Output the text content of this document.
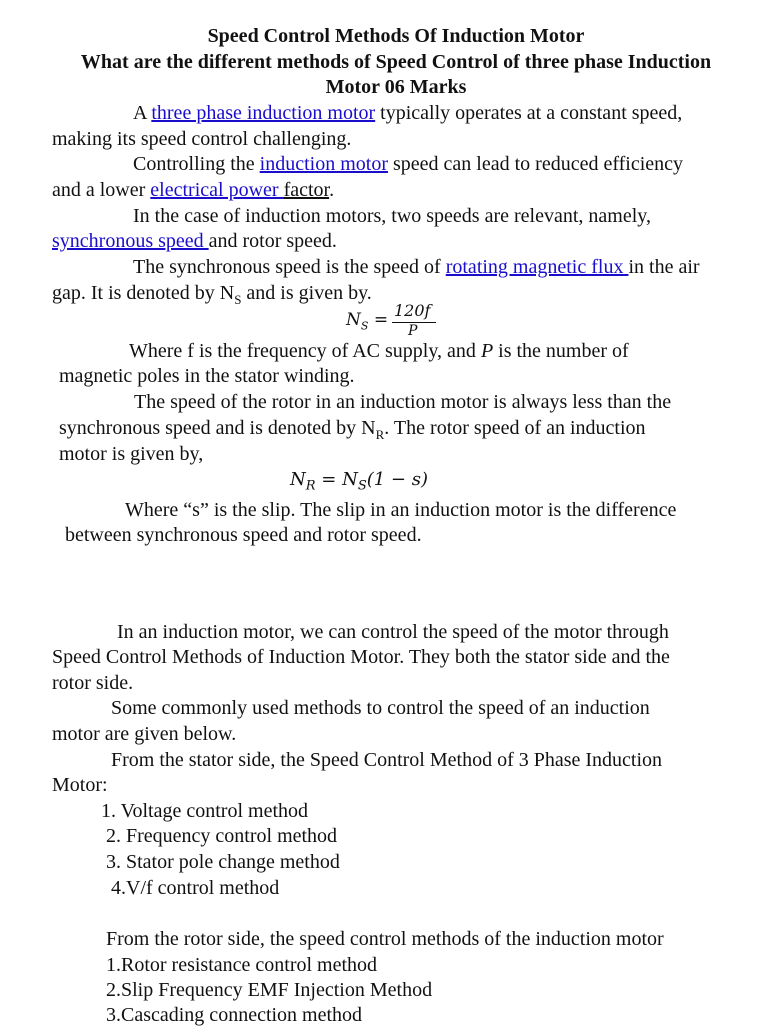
Speed Control Methods Of Induction Motor

What are the different methods of Speed Control of three phase Induction

Motor 06 Marks

A three phase induction motor typically operates at a constant speed,

making its speed control challenging.

Controlling the induction motor speed can lead to reduced efficiency

and a lower electrical power factor.

In the case of induction motors, two speeds are relevant, namely,

synchronous speed and rotor speed.

The synchronous speed is the speed of rotating magnetic flux in the air

gap. It is denoted by $N_S$ and is given by.

$N_S = 120f$
P

Where f is the frequency of AC supply, and P is the number of

magnetic poles in the stator winding.

The speed of the rotor in an induction motor is always less than the

synchronous speed and is denoted by $N_R$. The rotor speed of an induction

motor is given by,

$N_R = N_S(1 - s)$

Where “s” is the slip. The slip in an induction motor is the difference

between synchronous speed and rotor speed.

In an induction motor, we can control the speed of the motor through

Speed Control Methods of Induction Motor. They both the stator side and the

rotor side.

Some commonly used methods to control the speed of an induction

motor are given below.

From the stator side, the Speed Control Method of 3 Phase Induction

Motor:

1. Voltage control method

2. Frequency control method

3. Stator pole change method

4.V/f control method

From the rotor side, the speed control methods of the induction motor

1.Rotor resistance control method

2.Slip Frequency EMF Injection Method

3.Cascading connection method
